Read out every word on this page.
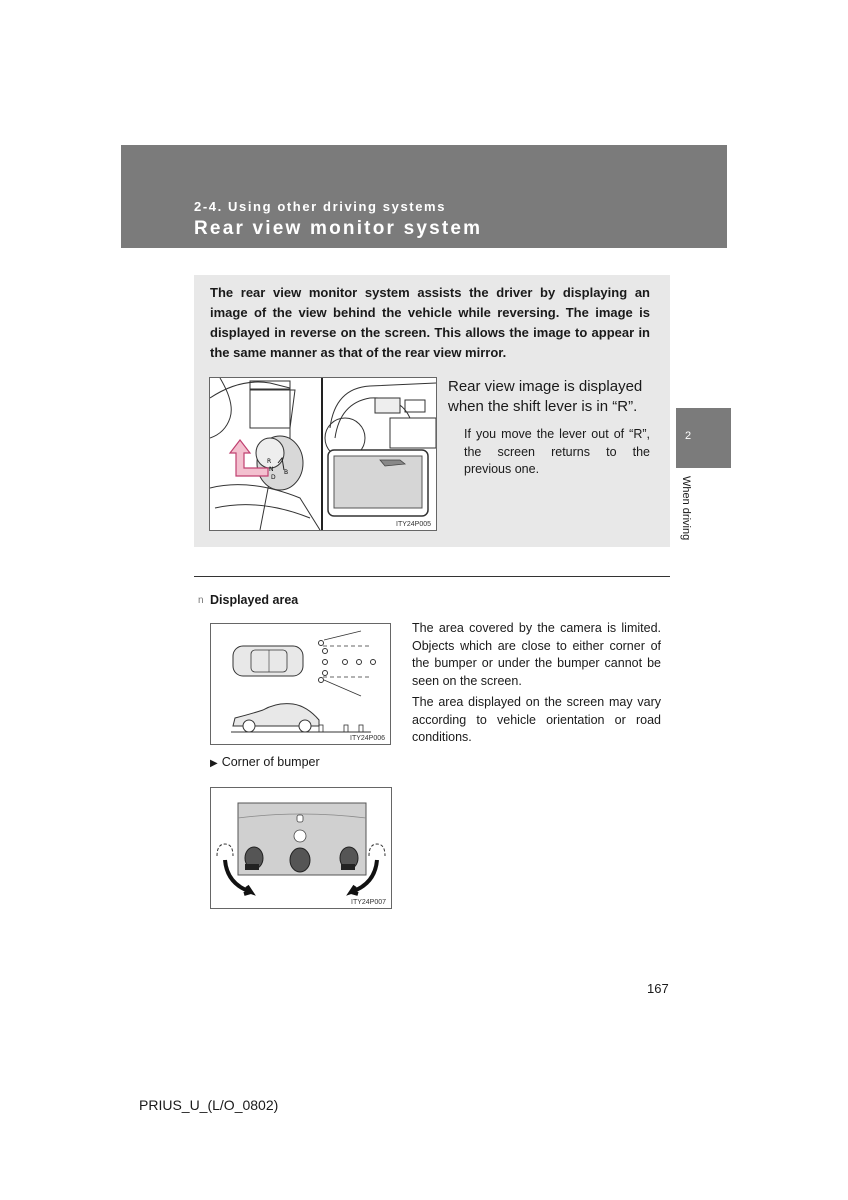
2-4. Using other driving systems
Rear view monitor system
2
When driving
The rear view monitor system assists the driver by displaying an image of the view behind the vehicle while reversing. The image is displayed in reverse on the screen. This allows the image to appear in the same manner as that of the rear view mirror.
R
N
D
B
ITY24P005
Rear view image is displayed when the shift lever is in “R”.
If you move the lever out of “R”, the screen returns to the previous one.
n Displayed area
ITY24P006
The area covered by the camera is limited. Objects which are close to either corner of the bumper or under the bumper cannot be seen on the screen.
The area displayed on the screen may vary according to vehicle orientation or road conditions.
▶ Corner of bumper
ITY24P007
167
PRIUS_U_(L/O_0802)
